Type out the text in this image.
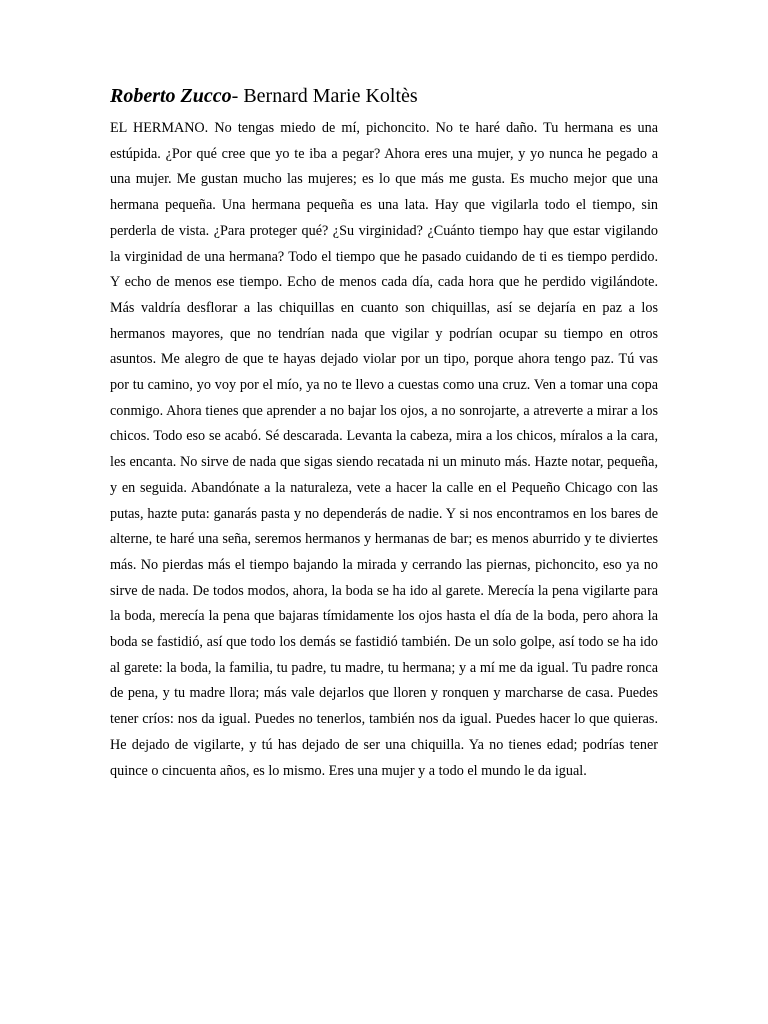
Roberto Zucco- Bernard Marie Koltès

EL HERMANO. No tengas miedo de mí, pichoncito. No te haré daño. Tu hermana es una estúpida. ¿Por qué cree que yo te iba a pegar? Ahora eres una mujer, y yo nunca he pegado a una mujer. Me gustan mucho las mujeres; es lo que más me gusta. Es mucho mejor que una hermana pequeña. Una hermana pequeña es una lata. Hay que vigilarla todo el tiempo, sin perderla de vista. ¿Para proteger qué? ¿Su virginidad? ¿Cuánto tiempo hay que estar vigilando la virginidad de una hermana? Todo el tiempo que he pasado cuidando de ti es tiempo perdido. Y echo de menos ese tiempo. Echo de menos cada día, cada hora que he perdido vigilándote. Más valdría desflorar a las chiquillas en cuanto son chiquillas, así se dejaría en paz a los hermanos mayores, que no tendrían nada que vigilar y podrían ocupar su tiempo en otros asuntos. Me alegro de que te hayas dejado violar por un tipo, porque ahora tengo paz. Tú vas por tu camino, yo voy por el mío, ya no te llevo a cuestas como una cruz. Ven a tomar una copa conmigo. Ahora tienes que aprender a no bajar los ojos, a no sonrojarte, a atreverte a mirar a los chicos. Todo eso se acabó. Sé descarada. Levanta la cabeza, mira a los chicos, míralos a la cara, les encanta. No sirve de nada que sigas siendo recatada ni un minuto más. Hazte notar, pequeña, y en seguida. Abandónate a la naturaleza, vete a hacer la calle en el Pequeño Chicago con las putas, hazte puta: ganarás pasta y no dependerás de nadie. Y si nos encontramos en los bares de alterne, te haré una seña, seremos hermanos y hermanas de bar; es menos aburrido y te diviertes más. No pierdas más el tiempo bajando la mirada y cerrando las piernas, pichoncito, eso ya no sirve de nada. De todos modos, ahora, la boda se ha ido al garete. Merecía la pena vigilarte para la boda, merecía la pena que bajaras tímidamente los ojos hasta el día de la boda, pero ahora la boda se fastidió, así que todo los demás se fastidió también. De un solo golpe, así todo se ha ido al garete: la boda, la familia, tu padre, tu madre, tu hermana; y a mí me da igual. Tu padre ronca de pena, y tu madre llora; más vale dejarlos que lloren y ronquen y marcharse de casa. Puedes tener críos: nos da igual. Puedes no tenerlos, también nos da igual. Puedes hacer lo que quieras. He dejado de vigilarte, y tú has dejado de ser una chiquilla. Ya no tienes edad; podrías tener quince o cincuenta años, es lo mismo. Eres una mujer y a todo el mundo le da igual.
